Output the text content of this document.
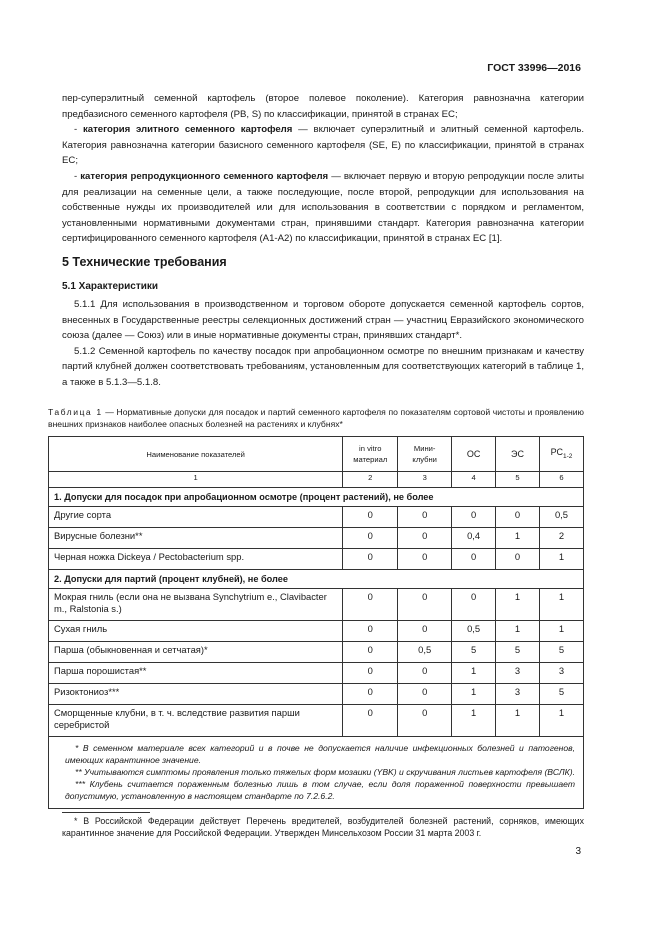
ГОСТ 33996—2016

пер-суперэлитный семенной картофель (второе полевое поколение). Категория равнозначна категории предбазисного семенного картофеля (PB, S) по классификации, принятой в странах ЕС;

- категория элитного семенного картофеля — включает суперэлитный и элитный семенной картофель. Категория равнозначна категории базисного семенного картофеля (SE, E) по классификации, принятой в странах ЕС;

- категория репродукционного семенного картофеля — включает первую и вторую репродукции после элиты для реализации на семенные цели, а также последующие, после второй, репродукции для использования на собственные нужды их производителей или для использования в соответствии с порядком и регламентом, установленными нормативными документами стран, принявшими стандарт. Категория равнозначна категории сертифицированного семенного картофеля (А1-А2) по классификации, принятой в странах ЕС [1].

5 Технические требования
5.1 Характеристики

5.1.1 Для использования в производственном и торговом обороте допускается семенной картофель сортов, внесенных в Государственные реестры селекционных достижений стран — участниц Евразийского экономического союза (далее — Союз) или в иные нормативные документы стран, принявших стандарт*.

5.1.2 Семенной картофель по качеству посадок при апробационном осмотре по внешним признакам и качеству партий клубней должен соответствовать требованиям, установленным для соответствующих категорий в таблице 1, а также в 5.1.3—5.1.8.

Таблица 1 — Нормативные допуски для посадок и партий семенного картофеля по показателям сортовой чистоты и проявлению внешних признаков наиболее опасных болезней на растениях и клубнях*
Наименование показателей	in vitro материал	Мини-клубни	ОС	ЭС	$РС_{1-2}$
1	2	3	4	5	6
1. Допуски для посадок при апробационном осмотре (процент растений), не более					
Другие сорта	0	0	0	0	0,5
Вирусные болезни**	0	0	0,4	1	2
Черная ножка Dickeya / Pectobacterium spp.	0	0	0	0	1
2. Допуски для партий (процент клубней), не более					
Мокрая гниль (если она не вызвана Synchytrium e., Clavibacter m., Ralstonia s.)	0	0	0	1	1
Сухая гниль	0	0	0,5	1	1
Парша (обыкновенная и сетчатая)*	0	0,5	5	5	5
Парша порошистая**	0	0	1	3	3
Ризоктониоз***	0	0	1	3	5
Сморщенные клубни, в т. ч. вследствие развития парши серебристой	0	0	1	1	1

* В семенном материале всех категорий и в почве не допускается наличие инфекционных болезней и патогенов, имеющих карантинное значение.

** Учитываются симптомы проявления только тяжелых форм мозаики (YBK) и скручивания листьев картофеля (ВСЛК).

*** Клубень считается пораженным болезнью лишь в том случае, если доля пораженной поверхности превышает допустимую, установленную в настоящем стандарте по 7.2.6.2.					

* В Российской Федерации действует Перечень вредителей, возбудителей болезней растений, сорняков, имеющих карантинное значение для Российской Федерации. Утвержден Минсельхозом России 31 марта 2003 г.
3
